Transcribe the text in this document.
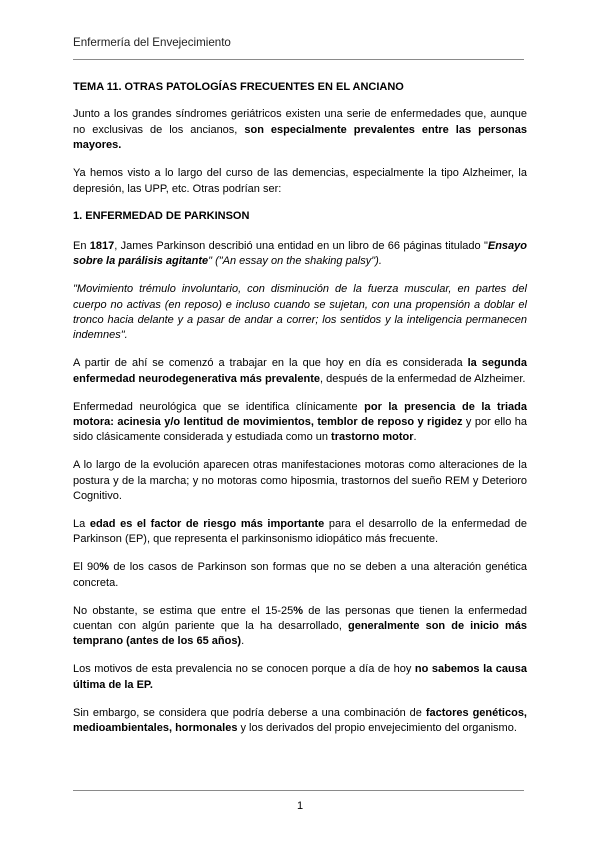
Enfermería del Envejecimiento
TEMA 11. OTRAS PATOLOGÍAS FRECUENTES EN EL ANCIANO

Junto a los grandes síndromes geriátricos existen una serie de enfermedades que, aunque no exclusivas de los ancianos, son especialmente prevalentes entre las personas mayores.

Ya hemos visto a lo largo del curso de las demencias, especialmente la tipo Alzheimer, la depresión, las UPP, etc. Otras podrían ser:

1. ENFERMEDAD DE PARKINSON

En 1817, James Parkinson describió una entidad en un libro de 66 páginas titulado "Ensayo sobre la parálisis agitante" ("An essay on the shaking palsy").

"Movimiento trémulo involuntario, con disminución de la fuerza muscular, en partes del cuerpo no activas (en reposo) e incluso cuando se sujetan, con una propensión a doblar el tronco hacia delante y a pasar de andar a correr; los sentidos y la inteligencia permanecen indemnes".

A partir de ahí se comenzó a trabajar en la que hoy en día es considerada la segunda enfermedad neurodegenerativa más prevalente, después de la enfermedad de Alzheimer.

Enfermedad neurológica que se identifica clínicamente por la presencia de la triada motora: acinesia y/o lentitud de movimientos, temblor de reposo y rigidez y por ello ha sido clásicamente considerada y estudiada como un trastorno motor.

A lo largo de la evolución aparecen otras manifestaciones motoras como alteraciones de la postura y de la marcha; y no motoras como hiposmia, trastornos del sueño REM y Deterioro Cognitivo.

La edad es el factor de riesgo más importante para el desarrollo de la enfermedad de Parkinson (EP), que representa el parkinsonismo idiopático más frecuente.

El 90% de los casos de Parkinson son formas que no se deben a una alteración genética concreta.

No obstante, se estima que entre el 15-25% de las personas que tienen la enfermedad cuentan con algún pariente que la ha desarrollado, generalmente son de inicio más temprano (antes de los 65 años).

Los motivos de esta prevalencia no se conocen porque a día de hoy no sabemos la causa última de la EP.

Sin embargo, se considera que podría deberse a una combinación de factores genéticos, medioambientales, hormonales y los derivados del propio envejecimiento del organismo.

1
